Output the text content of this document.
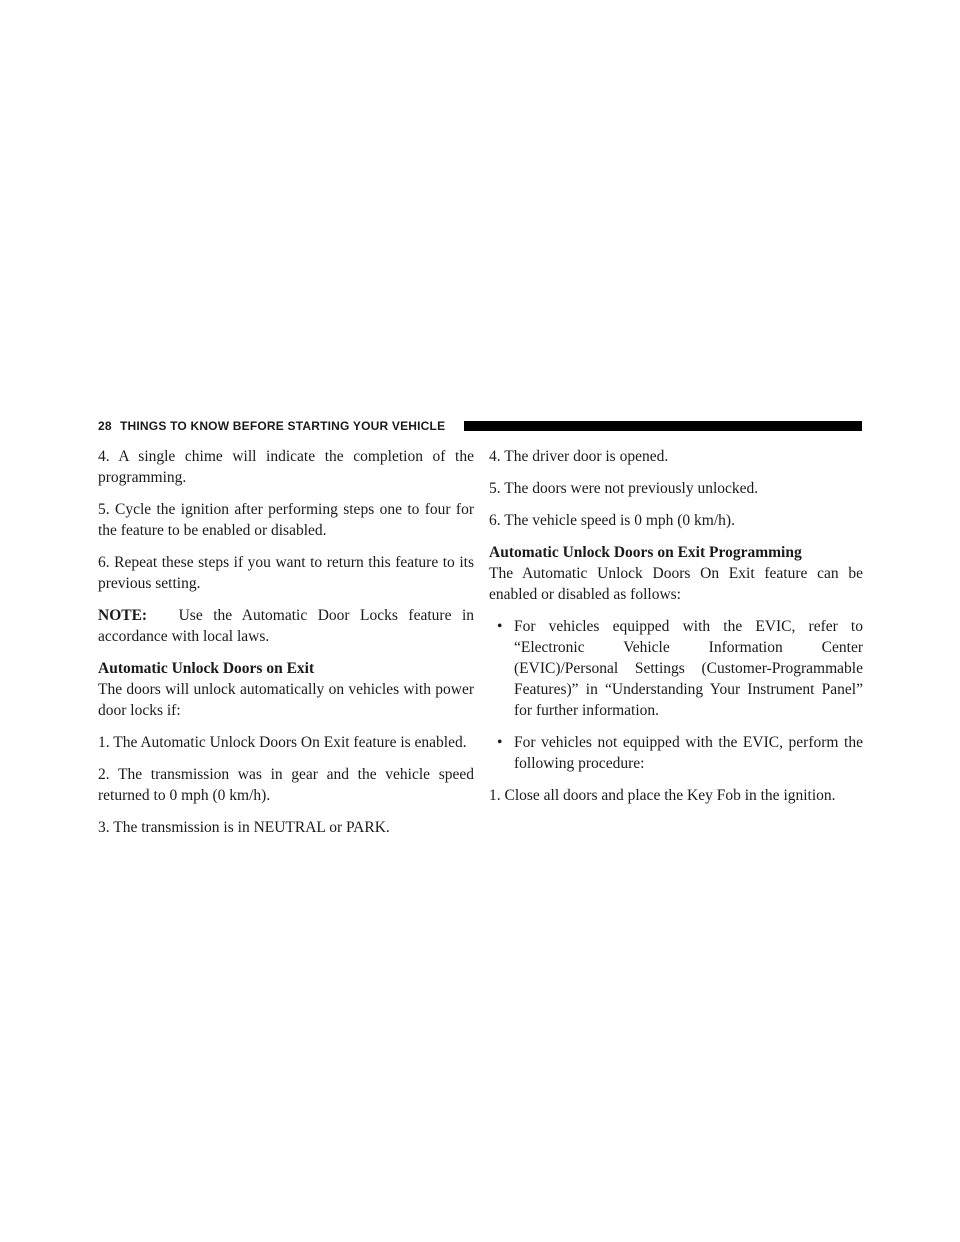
28 THINGS TO KNOW BEFORE STARTING YOUR VEHICLE

4. A single chime will indicate the completion of the programming.

5. Cycle the ignition after performing steps one to four for the feature to be enabled or disabled.

6. Repeat these steps if you want to return this feature to its previous setting.

NOTE: Use the Automatic Door Locks feature in accordance with local laws.

Automatic Unlock Doors on Exit

The doors will unlock automatically on vehicles with power door locks if:

1. The Automatic Unlock Doors On Exit feature is enabled.

2. The transmission was in gear and the vehicle speed returned to 0 mph (0 km/h).

3. The transmission is in NEUTRAL or PARK.

4. The driver door is opened.

5. The doors were not previously unlocked.

6. The vehicle speed is 0 mph (0 km/h).

Automatic Unlock Doors on Exit Programming

The Automatic Unlock Doors On Exit feature can be enabled or disabled as follows:

• For vehicles equipped with the EVIC, refer to “Electronic Vehicle Information Center (EVIC)/Personal Settings (Customer-Programmable Features)” in “Understanding Your Instrument Panel” for further information.
• For vehicles not equipped with the EVIC, perform the following procedure:

1. Close all doors and place the Key Fob in the ignition.
